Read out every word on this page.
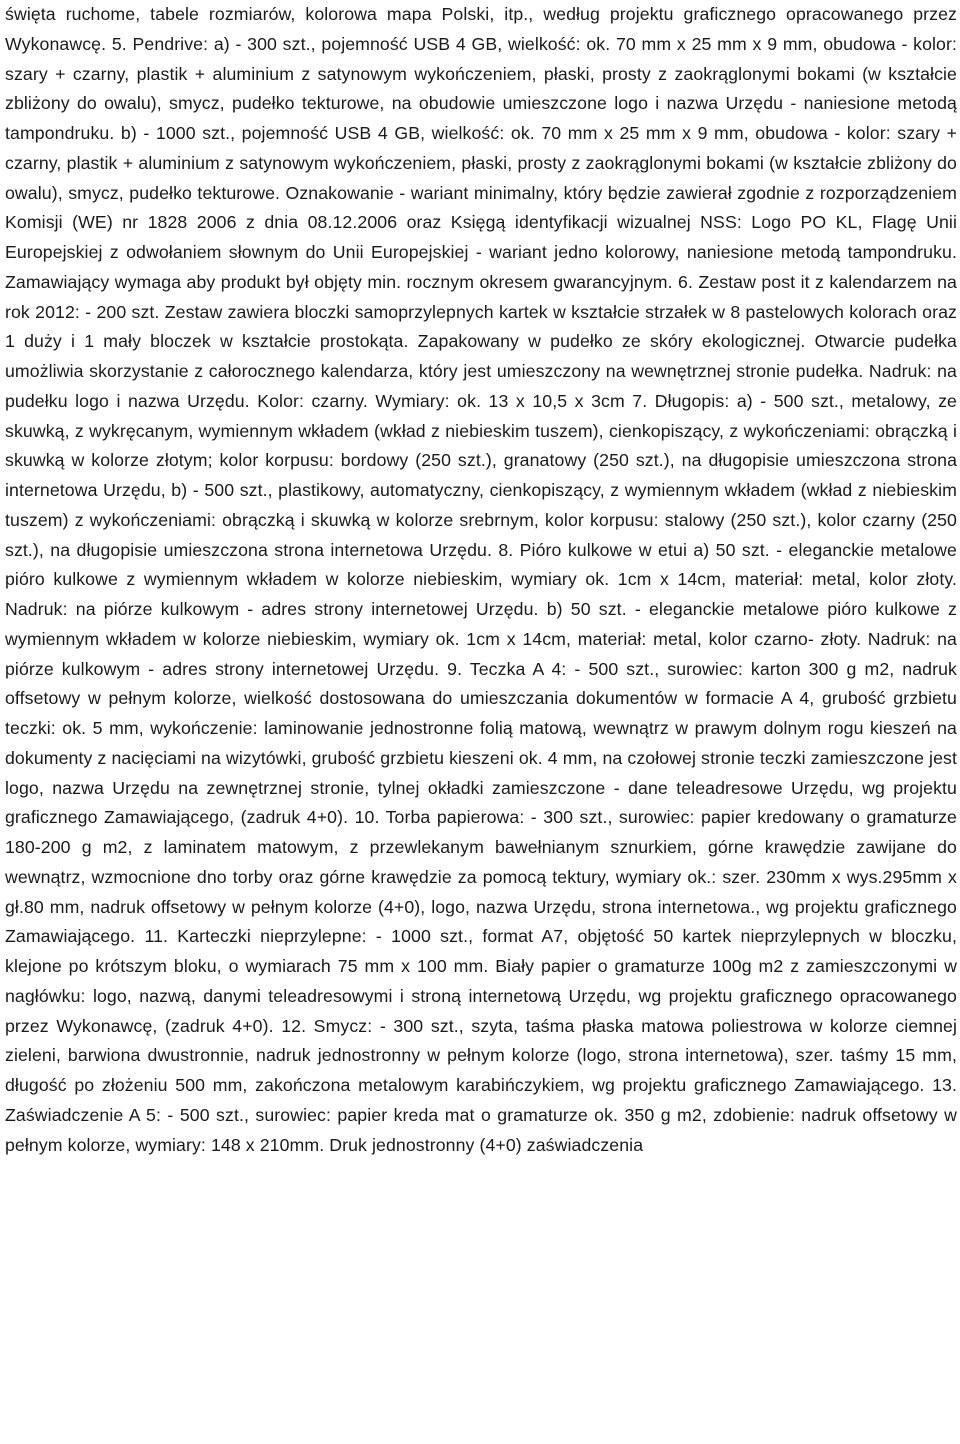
święta ruchome, tabele rozmiarów, kolorowa mapa Polski, itp., według projektu graficznego opracowanego przez Wykonawcę. 5. Pendrive: a) - 300 szt., pojemność USB 4 GB, wielkość: ok. 70 mm x 25 mm x 9 mm, obudowa - kolor: szary + czarny, plastik + aluminium z satynowym wykończeniem, płaski, prosty z zaokrąglonymi bokami (w kształcie zbliżony do owalu), smycz, pudełko tekturowe, na obudowie umieszczone logo i nazwa Urzędu - naniesione metodą tampondruku. b) - 1000 szt., pojemność USB 4 GB, wielkość: ok. 70 mm x 25 mm x 9 mm, obudowa - kolor: szary + czarny, plastik + aluminium z satynowym wykończeniem, płaski, prosty z zaokrąglonymi bokami (w kształcie zbliżony do owalu), smycz, pudełko tekturowe. Oznakowanie - wariant minimalny, który będzie zawierał zgodnie z rozporządzeniem Komisji (WE) nr 1828 2006 z dnia 08.12.2006 oraz Księgą identyfikacji wizualnej NSS: Logo PO KL, Flagę Unii Europejskiej z odwołaniem słownym do Unii Europejskiej - wariant jedno kolorowy, naniesione metodą tampondruku. Zamawiający wymaga aby produkt był objęty min. rocznym okresem gwarancyjnym. 6. Zestaw post it z kalendarzem na rok 2012: - 200 szt. Zestaw zawiera bloczki samoprzylepnych kartek w kształcie strzałek w 8 pastelowych kolorach oraz 1 duży i 1 mały bloczek w kształcie prostokąta. Zapakowany w pudełko ze skóry ekologicznej. Otwarcie pudełka umożliwia skorzystanie z całorocznego kalendarza, który jest umieszczony na wewnętrznej stronie pudełka. Nadruk: na pudełku logo i nazwa Urzędu. Kolor: czarny. Wymiary: ok. 13 x 10,5 x 3cm 7. Długopis: a) - 500 szt., metalowy, ze skuwką, z wykręcanym, wymiennym wkładem (wkład z niebieskim tuszem), cienkopiszący, z wykończeniami: obrączką i skuwką w kolorze złotym; kolor korpusu: bordowy (250 szt.), granatowy (250 szt.), na długopisie umieszczona strona internetowa Urzędu, b) - 500 szt., plastikowy, automatyczny, cienkopiszący, z wymiennym wkładem (wkład z niebieskim tuszem) z wykończeniami: obrączką i skuwką w kolorze srebrnym, kolor korpusu: stalowy (250 szt.), kolor czarny (250 szt.), na długopisie umieszczona strona internetowa Urzędu. 8. Pióro kulkowe w etui a) 50 szt. - eleganckie metalowe pióro kulkowe z wymiennym wkładem w kolorze niebieskim, wymiary ok. 1cm x 14cm, materiał: metal, kolor złoty. Nadruk: na piórze kulkowym - adres strony internetowej Urzędu. b) 50 szt. - eleganckie metalowe pióro kulkowe z wymiennym wkładem w kolorze niebieskim, wymiary ok. 1cm x 14cm, materiał: metal, kolor czarno- złoty. Nadruk: na piórze kulkowym - adres strony internetowej Urzędu. 9. Teczka A 4: - 500 szt., surowiec: karton 300 g m2, nadruk offsetowy w pełnym kolorze, wielkość dostosowana do umieszczania dokumentów w formacie A 4, grubość grzbietu teczki: ok. 5 mm, wykończenie: laminowanie jednostronne folią matową, wewnątrz w prawym dolnym rogu kieszeń na dokumenty z nacięciami na wizytówki, grubość grzbietu kieszeni ok. 4 mm, na czołowej stronie teczki zamieszczone jest logo, nazwa Urzędu na zewnętrznej stronie, tylnej okładki zamieszczone - dane teleadresowe Urzędu, wg projektu graficznego Zamawiającego, (zadruk 4+0). 10. Torba papierowa: - 300 szt., surowiec: papier kredowany o gramaturze 180-200 g m2, z laminatem matowym, z przewlekanym bawełnianym sznurkiem, górne krawędzie zawijane do wewnątrz, wzmocnione dno torby oraz górne krawędzie za pomocą tektury, wymiary ok.: szer. 230mm x wys.295mm x gł.80 mm, nadruk offsetowy w pełnym kolorze (4+0), logo, nazwa Urzędu, strona internetowa., wg projektu graficznego Zamawiającego. 11. Karteczki nieprzylepne: - 1000 szt., format A7, objętość 50 kartek nieprzylepnych w bloczku, klejone po krótszym bloku, o wymiarach 75 mm x 100 mm. Biały papier o gramaturze 100g m2 z zamieszczonymi w nagłówku: logo, nazwą, danymi teleadresowymi i stroną internetową Urzędu, wg projektu graficznego opracowanego przez Wykonawcę, (zadruk 4+0). 12. Smycz: - 300 szt., szyta, taśma płaska matowa poliestrowa w kolorze ciemnej zieleni, barwiona dwustronnie, nadruk jednostronny w pełnym kolorze (logo, strona internetowa), szer. taśmy 15 mm, długość po złożeniu 500 mm, zakończona metalowym karabińczykiem, wg projektu graficznego Zamawiającego. 13. Zaświadczenie A 5: - 500 szt., surowiec: papier kreda mat o gramaturze ok. 350 g m2, zdobienie: nadruk offsetowy w pełnym kolorze, wymiary: 148 x 210mm. Druk jednostronny (4+0) zaświadczenia
